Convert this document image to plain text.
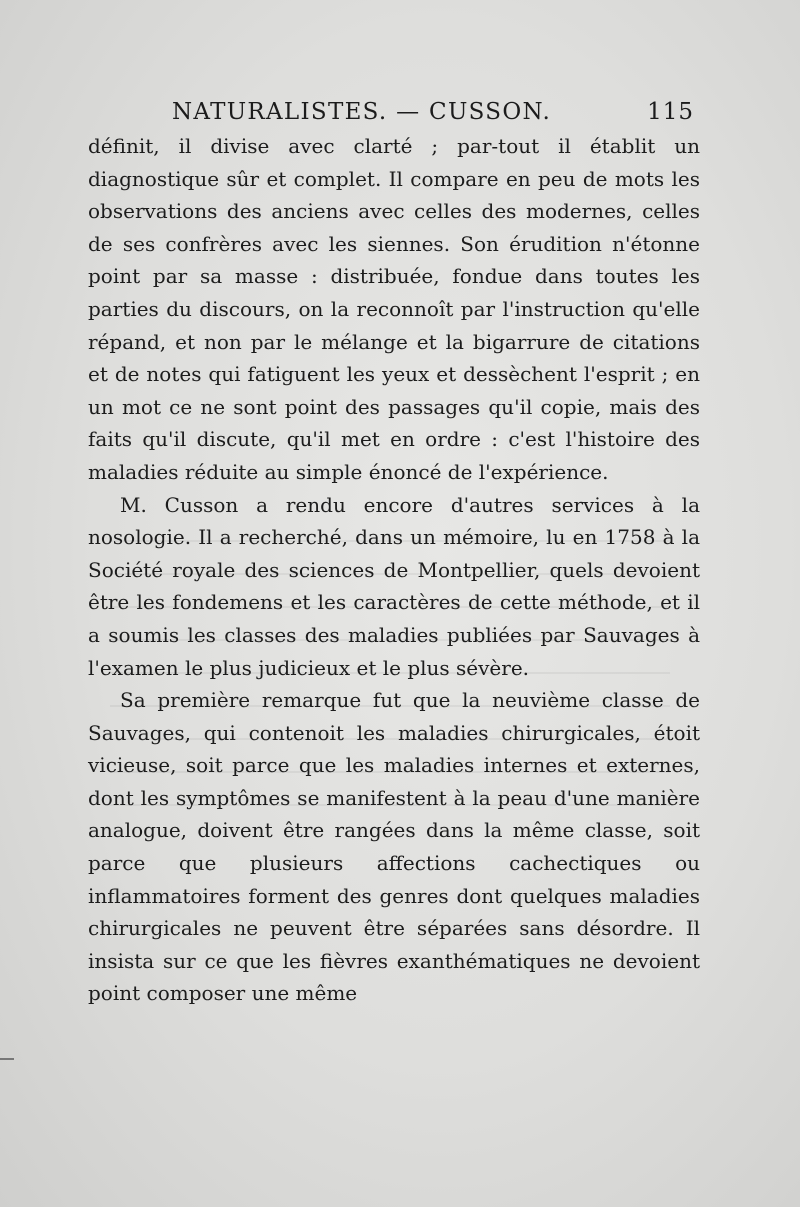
NATURALISTES. — CUSSON.	115

définit, il divise avec clarté ; par-tout il établit un diagnostique sûr et complet. Il compare en peu de mots les observations des anciens avec celles des modernes, celles de ses confrères avec les siennes. Son érudition n'étonne point par sa masse : distribuée, fondue dans toutes les parties du discours, on la reconnoît par l'instruction qu'elle répand, et non par le mélange et la bigarrure de citations et de notes qui fatiguent les yeux et dessèchent l'esprit ; en un mot ce ne sont point des passages qu'il copie, mais des faits qu'il discute, qu'il met en ordre : c'est l'histoire des maladies réduite au simple énoncé de l'expérience.

M. Cusson a rendu encore d'autres services à la nosologie. Il a recherché, dans un mémoire, lu en 1758 à la Société royale des sciences de Montpellier, quels devoient être les fondemens et les caractères de cette méthode, et il a soumis les classes des maladies publiées par Sauvages à l'examen le plus judicieux et le plus sévère.

Sa première remarque fut que la neuvième classe de Sauvages, qui contenoit les maladies chirurgicales, étoit vicieuse, soit parce que les maladies internes et externes, dont les symptômes se manifestent à la peau d'une manière analogue, doivent être rangées dans la même classe, soit parce que plusieurs affections cachectiques ou inflammatoires forment des genres dont quelques maladies chirurgicales ne peuvent être séparées sans désordre. Il insista sur ce que les fièvres exanthématiques ne devoient point composer une même
